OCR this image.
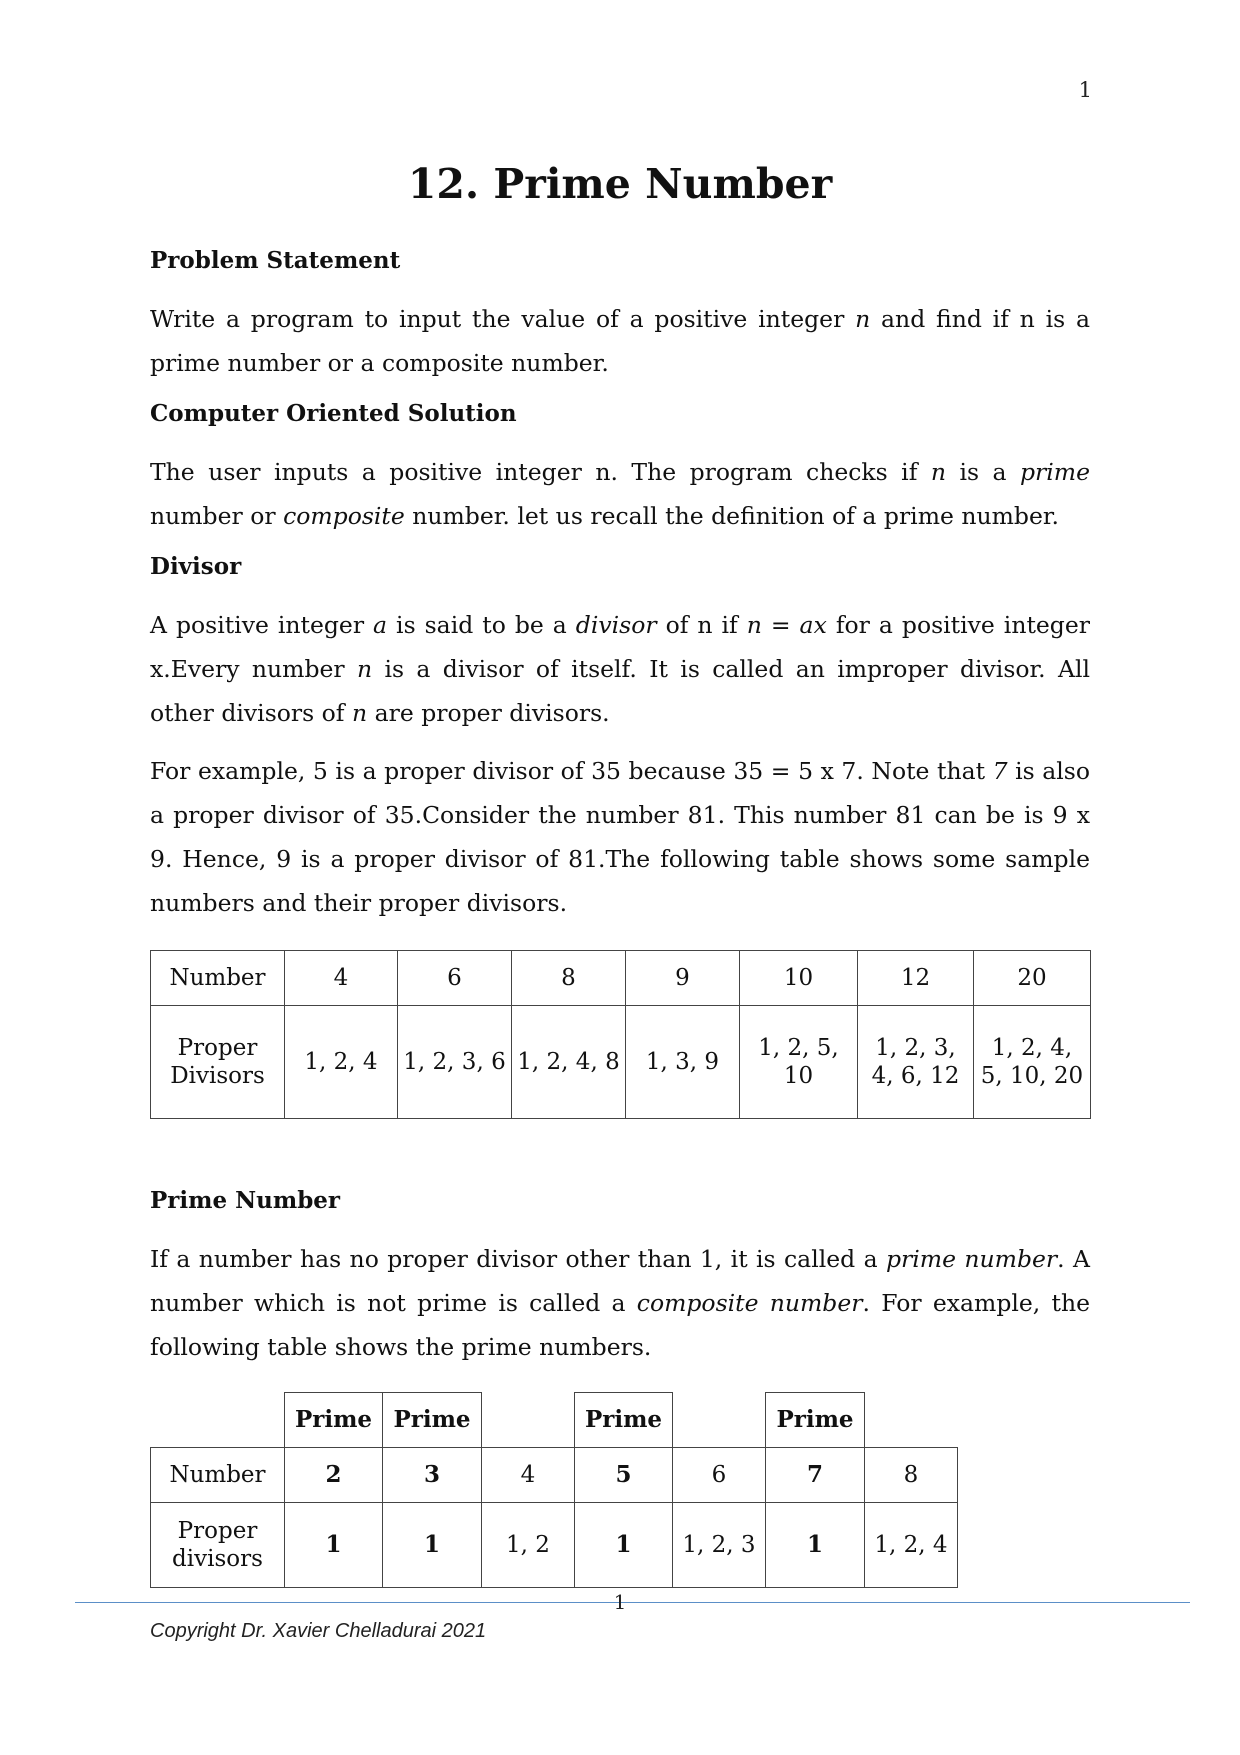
1
12. Prime Number
Problem Statement

Write a program to input the value of a positive integer n and find if n is a prime number or a composite number.

Computer Oriented Solution

The user inputs a positive integer n. The program checks if n is a prime number or composite number. let us recall the definition of a prime number.

Divisor

A positive integer a is said to be a divisor of n if n = ax for a positive integer x.Every number n is a divisor of itself. It is called an improper divisor. All other divisors of n are proper divisors.

For example, 5 is a proper divisor of 35 because 35 = 5 x 7. Note that 7 is also a proper divisor of 35.Consider the number 81. This number 81 can be is 9 x 9. Hence, 9 is a proper divisor of 81.The following table shows some sample numbers and their proper divisors.

Number	4	6	8	9	10	12	20
Proper Divisors	1, 2, 4	1, 2, 3, 6	1, 2, 4, 8	1, 3, 9	1, 2, 5, 10	1, 2, 3, 4, 6, 12	1, 2, 4, 5, 10, 20
Prime Number

If a number has no proper divisor other than 1, it is called a prime number. A number which is not prime is called a composite number. For example, the following table shows the prime numbers.

	Prime	Prime		Prime		Prime	
Number	2	3	4	5	6	7	8
Proper divisors	1	1	1, 2	1	1, 2, 3	1	1, 2, 4
1
Copyright Dr. Xavier Chelladurai 2021
